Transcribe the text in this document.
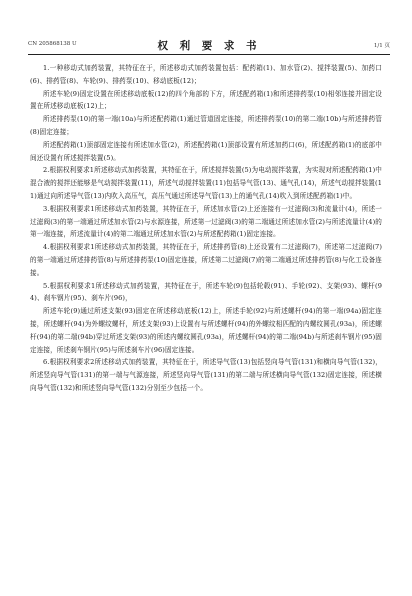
CN 205868138 U	权 利 要 求 书	1/1 页

1.一种移动式加药装置，其特征在于，所述移动式加药装置包括：配药箱(1)、加水管(2)、搅拌装置(5)、加药口(6)、排药管(8)、车轮(9)、排药泵(10)、移动底板(12)；

所述车轮(9)固定设置在所述移动底板(12)的四个角部的下方，所述配药箱(1)和所述排药泵(10)相邻连接并固定设置在所述移动底板(12)上；

所述排药泵(10)的第一端(10a)与所述配药箱(1)通过管道固定连接，所述排药泵(10)的第二端(10b)与所述排药管(8)固定连接；

所述配药箱(1)顶部固定连接有所述加水管(2)，所述配药箱(1)顶部设置有所述加药口(6)，所述配药箱(1)的底部中间还设置有所述搅拌装置(5)。

2.根据权利要求1所述移动式加药装置，其特征在于，所述搅拌装置(5)为电动搅拌装置，为实现对所述配药箱(1)中混合液的搅拌还能够是气动搅拌装置(11)，所述气动搅拌装置(11)包括导气管(13)、通气孔(14)，所述气动搅拌装置(11)通过向所述导气管(13)内吹入高压气，高压气通过所述导气管(13)上的通气孔(14)吹入到所述配药箱(1)中。

3.根据权利要求1所述移动式加药装置，其特征在于，所述加水管(2)上还连接有一过滤阀(3)和流量计(4)，所述一过滤阀(3)的第一端通过所述加水管(2)与水源连接，所述第一过滤阀(3)的第二端通过所述加水管(2)与所述流量计(4)的第一端连接，所述流量计(4)的第二端通过所述加水管(2)与所述配药箱(1)固定连接。

4.根据权利要求1所述移动式加药装置，其特征在于，所述排药管(8)上还设置有二过滤阀(7)，所述第二过滤阀(7)的第一端通过所述排药管(8)与所述排药泵(10)固定连接，所述第二过滤阀(7)的第二端通过所述排药管(8)与化工设备连接。

5.根据权利要求1所述移动式加药装置，其特征在于，所述车轮(9)包括轮毂(91)、手轮(92)、支架(93)、螺杆(94)、刹车钢片(95)、刹车片(96)，

所述车轮(9)通过所述支架(93)固定在所述移动底板(12)上，所述手轮(92)与所述螺杆(94)的第一端(94a)固定连接，所述螺杆(94)为外螺纹螺杆，所述支架(93)上设置有与所述螺杆(94)的外螺纹相匹配的内螺纹圆孔(93a)，所述螺杆(94)的第二端(94b)穿过所述支架(93)的所述内螺纹圆孔(93a)，所述螺杆(94)的第二端(94b)与所述刹车钢片(95)固定连接，所述刹车钢片(95)与所述刹车片(96)固定连接。

6.根据权利要求2所述移动式加药装置，其特征在于，所述导气管(13)包括竖向导气管(131)和横向导气管(132)，所述竖向导气管(131)的第一端与气源连接，所述竖向导气管(131)的第二端与所述横向导气管(132)固定连接，所述横向导气管(132)和所述竖向导气管(132)分别至少包括一个。
